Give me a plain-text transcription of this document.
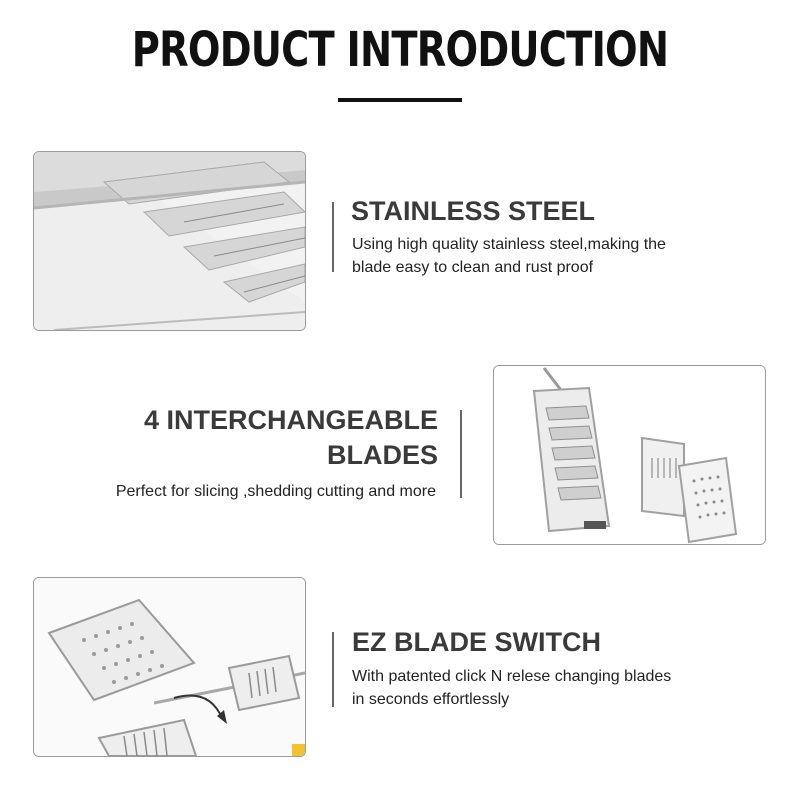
PRODUCT INTRODUCTION
STAINLESS STEEL
Using high quality stainless steel,making the
blade easy to clean and rust proof
4 INTERCHANGEABLE
BLADES
Perfect for slicing ,shedding cutting and more
EZ BLADE SWITCH
With patented click N relese changing blades
in seconds effortlessly
